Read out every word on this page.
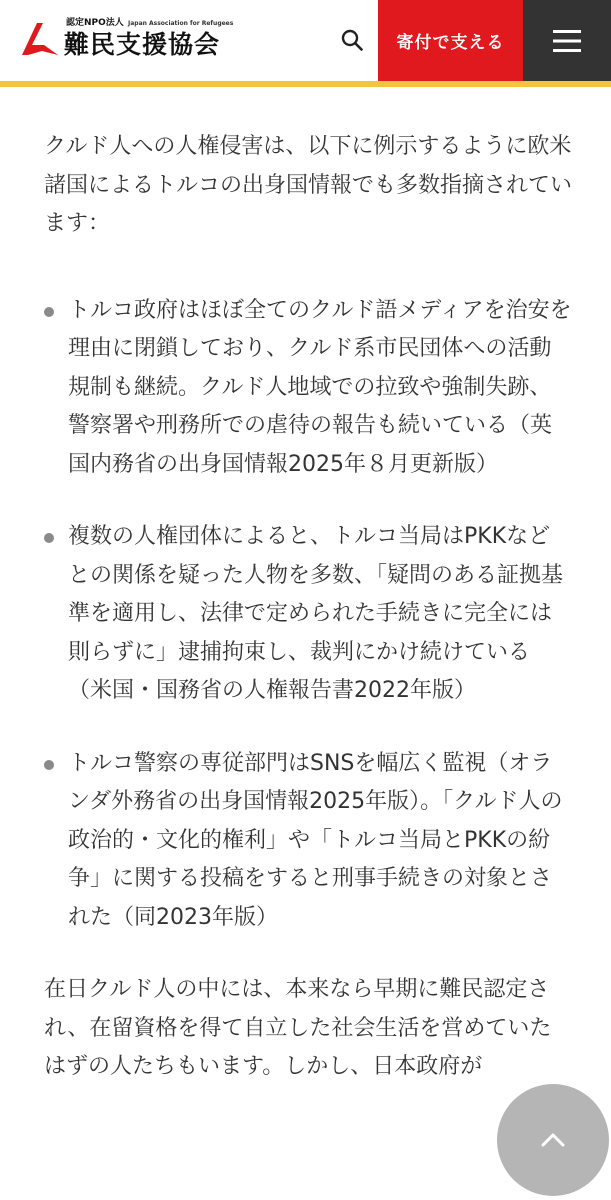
認定NPO法人 Japan Association for Refugees
難民支援協会	寄付で支える

クルド人への人権侵害は、以下に例示するように欧米諸国によるトルコの出身国情報でも多数指摘されています：

トルコ政府はほぼ全てのクルド語メディアを治安を理由に閉鎖しており、クルド系市民団体への活動規制も継続。クルド人地域での拉致や強制失跡、警察署や刑務所での虐待の報告も続いている（英国内務省の出身国情報2025年８月更新版）
複数の人権団体によると、トルコ当局はPKKなどとの関係を疑った人物を多数、「疑問のある証拠基準を適用し、法律で定められた手続きに完全には則らずに」逮捕拘束し、裁判にかけ続けている（米国・国務省の人権報告書2022年版）
トルコ警察の専従部門はSNSを幅広く監視（オランダ外務省の出身国情報2025年版）。「クルド人の政治的・文化的権利」や「トルコ当局とPKKの紛争」に関する投稿をすると刑事手続きの対象とされた（同2023年版）

在日クルド人の中には、本来なら早期に難民認定され、在留資格を得て自立した社会生活を営めていたはずの人たちもいます。しかし、日本政府が
